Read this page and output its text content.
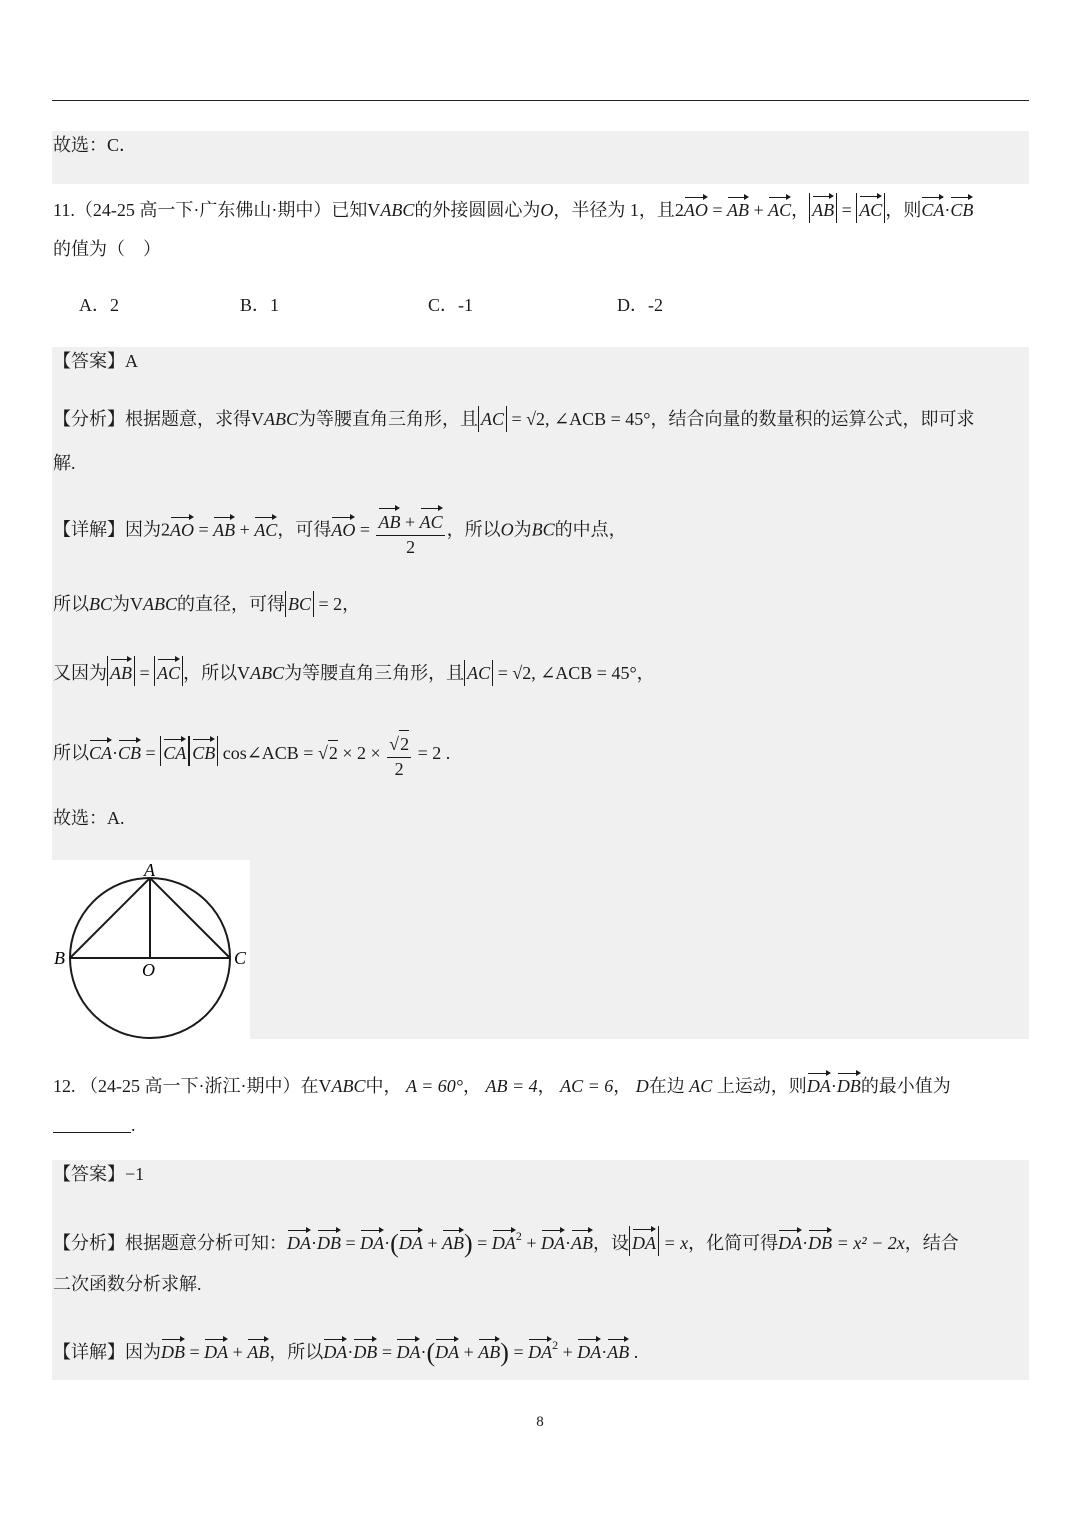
故选：C．
11.（24-25 高一下·广东佛山·期中）已知VABC的外接圆圆心为O，半径为 1，且2AO = AB + AC， AB = AC ，则CA·CB
的值为（　）
A．2	B．1	C．-1	D．-2
【答案】A
【分析】根据题意，求得VABC为等腰直角三角形，且 AC = √2, ∠ACB = 45°，结合向量的数量积的运算公式，即可求
解.
【详解】因为2AO = AB + AC，可得AO = $\frac{AB + AC}{2}$ ，所以O为BC的中点，
所以BC为VABC的直径，可得 BC = 2，
又因为 AB = AC ，所以VABC为等腰直角三角形，且 AC = √2, ∠ACB = 45°，
所以CA·CB = CA CB cos∠ACB = $√2 \times 2 \times \frac{√2}{2} = 2$ .
故选：A.
A
B	C
O
12. （24-25 高一下·浙江·期中）在VABC中， A = 60°， AB = 4， AC = 6， D在边 AC 上运动，则DA·DB的最小值为
.
【答案】−1
【分析】根据题意分析可知：$DA\cdot DB = DA\cdot(DA + AB) = DA^2 + DA\cdot AB$，设 DA = x，化简可得DA·DB = x² − 2x，结合
二次函数分析求解.
【详解】因为DB = DA + AB，所以$DA\cdot DB = DA\cdot(DA + AB) = DA^2 + DA\cdot AB$ .
8
